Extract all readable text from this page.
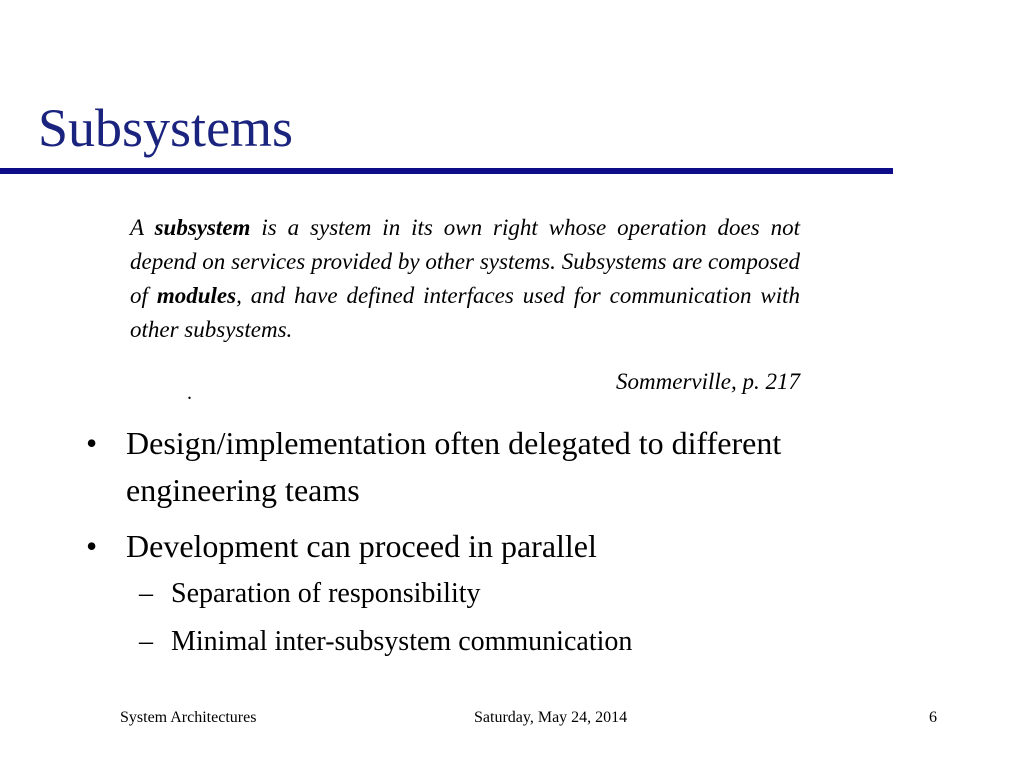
Subsystems

A subsystem is a system in its own right whose operation does not depend on services provided by other systems. Subsystems are composed of modules, and have defined interfaces used for communication with other subsystems.

Sommerville, p. 217
.
• Design/implementation often delegated to different engineering teams
• Development can proceed in parallel
– Separation of responsibility
– Minimal inter-subsystem communication
System Architectures	Saturday, May 24, 2014	6
